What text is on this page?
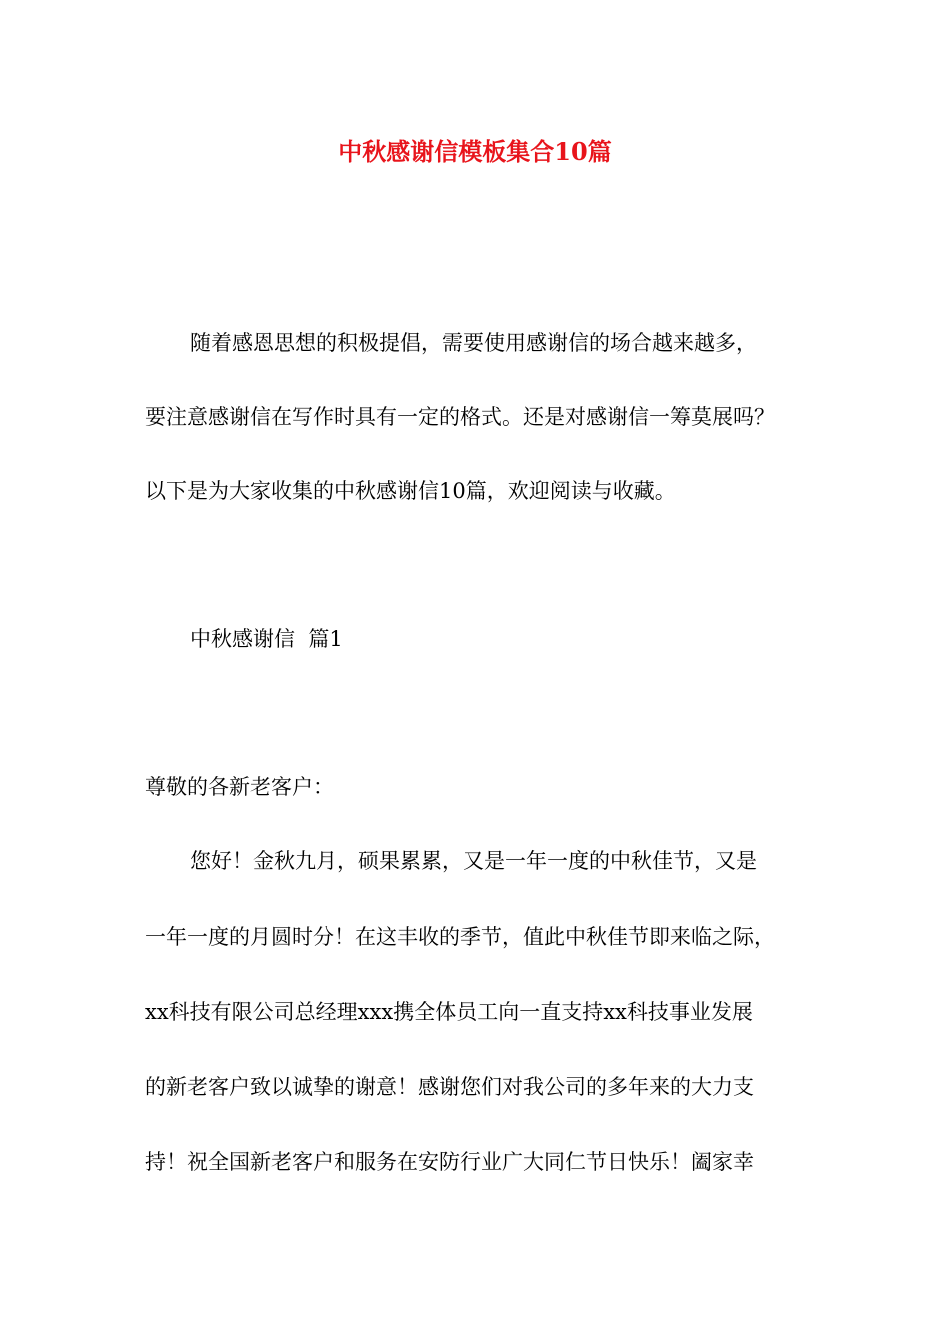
中秋感谢信模板集合10篇

随着感恩思想的积极提倡，需要使用感谢信的场合越来越多，

要注意感谢信在写作时具有一定的格式。还是对感谢信一筹莫展吗？

以下是为大家收集的中秋感谢信10篇，欢迎阅读与收藏。

中秋感谢信  篇1

尊敬的各新老客户：

您好！金秋九月，硕果累累，又是一年一度的中秋佳节，又是

一年一度的月圆时分！在这丰收的季节，值此中秋佳节即来临之际，

xx科技有限公司总经理xxx携全体员工向一直支持xx科技事业发展

的新老客户致以诚挚的谢意！感谢您们对我公司的多年来的大力支

持！祝全国新老客户和服务在安防行业广大同仁节日快乐！阖家幸
